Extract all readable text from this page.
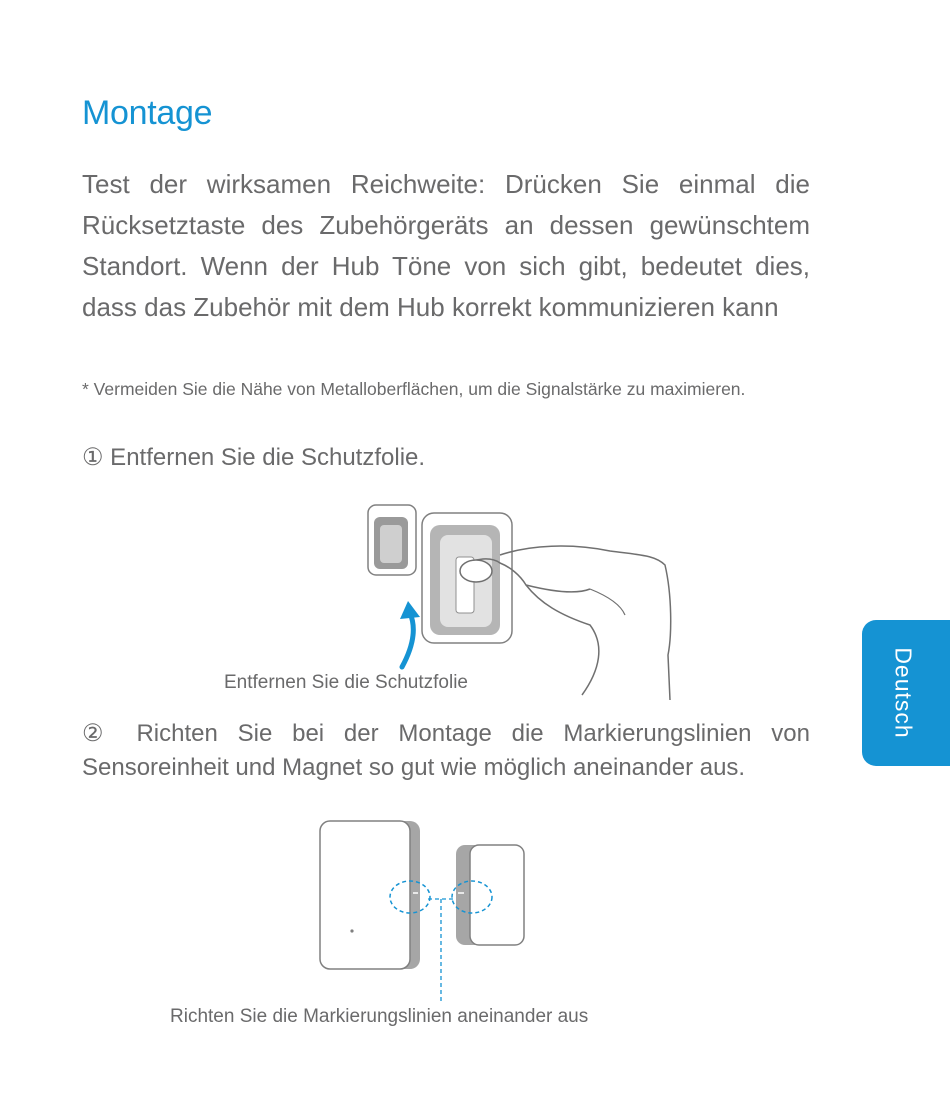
Montage

Test der wirksamen Reichweite: Drücken Sie einmal die Rücksetztaste des Zubehörgeräts an dessen gewünschtem Standort. Wenn der Hub Töne von sich gibt, bedeutet dies, dass das Zubehör mit dem Hub korrekt kommunizieren kann

* Vermeiden Sie die Nähe von Metalloberflächen, um die Signalstärke zu maximieren.

① Entfernen Sie die Schutzfolie.

Entfernen Sie die Schutzfolie

② Richten Sie bei der Montage die Markierungslinien von Sensoreinheit und Magnet so gut wie möglich aneinander aus.

Richten Sie die Markierungslinien aneinander aus

Deutsch
